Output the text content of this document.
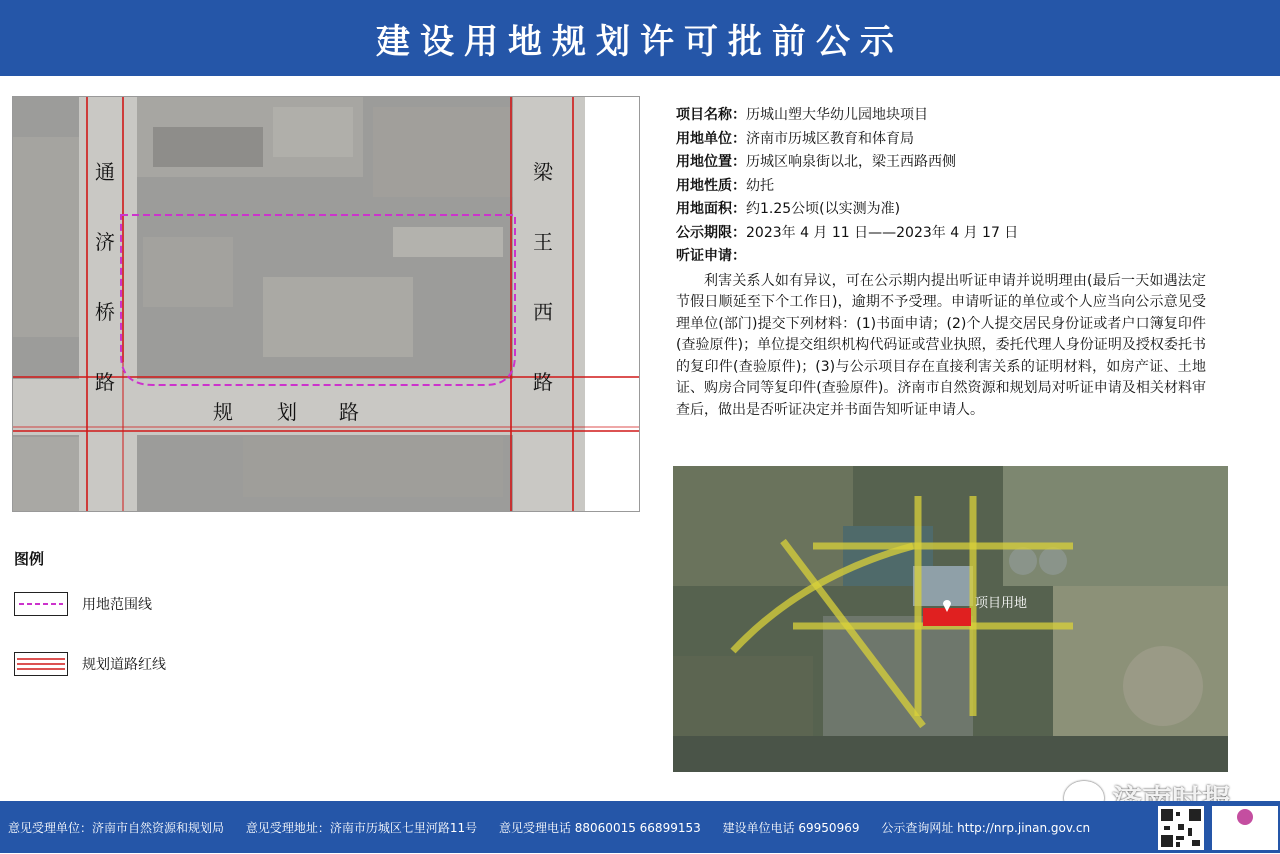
建设用地规划许可批前公示
通
济
桥
路
梁
王
西
路
规 划 路
图例
用地范围线
规划道路红线
项目名称：历城山塑大华幼儿园地块项目
用地单位：济南市历城区教育和体育局
用地位置：历城区响泉街以北，梁王西路西侧
用地性质：幼托
用地面积：约1.25公顷(以实测为准)
公示期限：2023年 4 月 11 日——2023年 4 月 17 日
听证申请：
利害关系人如有异议，可在公示期内提出听证申请并说明理由(最后一天如遇法定节假日顺延至下个工作日)，逾期不予受理。申请听证的单位或个人应当向公示意见受理单位(部门)提交下列材料：(1)书面申请；(2)个人提交居民身份证或者户口簿复印件(查验原件)；单位提交组织机构代码证或营业执照，委托代理人身份证明及授权委托书的复印件(查验原件)；(3)与公示项目存在直接利害关系的证明材料，如房产证、土地证、购房合同等复印件(查验原件)。济南市自然资源和规划局对听证申请及相关材料审查后，做出是否听证决定并书面告知听证申请人。
项目用地
意见受理单位：济南市自然资源和规划局 意见受理地址：济南市历城区七里河路11号 意见受理电话 88060015 66899153 建设单位电话 69950969 公示查询网址 http://nrp.jinan.gov.cn
